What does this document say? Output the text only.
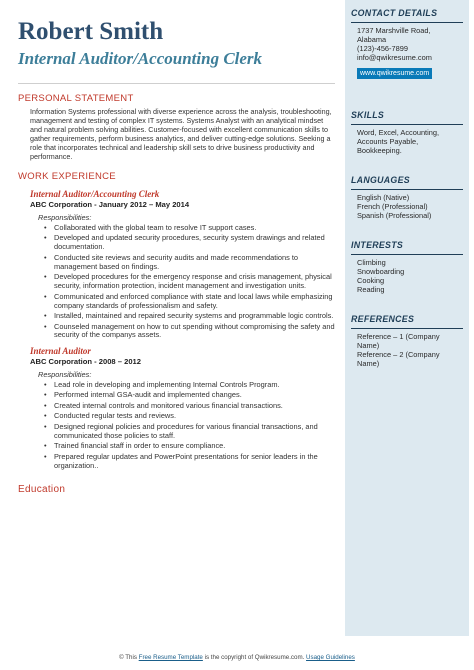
Robert Smith
Internal Auditor/Accounting Clerk
PERSONAL STATEMENT
Information Systems professional with diverse experience across the analysis, troubleshooting, management and testing of complex IT systems. Systems Analyst with an analytical mindset and natural problem solving abilities. Customer-focused with excellent communication skills to gather requirements, perform business analytics, and deliver cutting-edge solutions. Seeking a role that incorporates technical and leadership skill sets to drive business productivity and performance.
WORK EXPERIENCE
Internal Auditor/Accounting Clerk
ABC Corporation - January 2012 – May 2014
Responsibilities:
• Collaborated with the global team to resolve IT support cases.
• Developed and updated security procedures, security system drawings and related documentation.
• Conducted site reviews and security audits and made recommendations to management based on findings.
• Developed procedures for the emergency response and crisis management, physical security, information protection, incident management and investigation units.
• Communicated and enforced compliance with state and local laws while emphasizing company standards of professionalism and safety.
• Installed, maintained and repaired security systems and programmable logic controls.
• Counseled management on how to cut spending without compromising the safety and security of the companys assets.
Internal Auditor
ABC Corporation - 2008 – 2012
Responsibilities:
• Lead role in developing and implementing Internal Controls Program.
• Performed internal GSA-audit and implemented changes.
• Created internal controls and monitored various financial transactions.
• Conducted regular tests and reviews.
• Designed regional policies and procedures for various financial transactions, and communicated those policies to staff.
• Trained financial staff in order to ensure compliance.
• Prepared regular updates and PowerPoint presentations for senior leaders in the organization..
Education
CONTACT DETAILS
1737 Marshville Road,
Alabama
(123)-456-7899
info@qwikresume.com
www.qwikresume.com
SKILLS
Word, Excel, Accounting, Accounts Payable, Bookkeeping.
LANGUAGES
English (Native)
French (Professional)
Spanish (Professional)
INTERESTS
Climbing
Snowboarding
Cooking
Reading
REFERENCES
Reference – 1 (Company Name)
Reference – 2 (Company Name)
© This Free Resume Template is the copyright of Qwikresume.com. Usage Guidelines
